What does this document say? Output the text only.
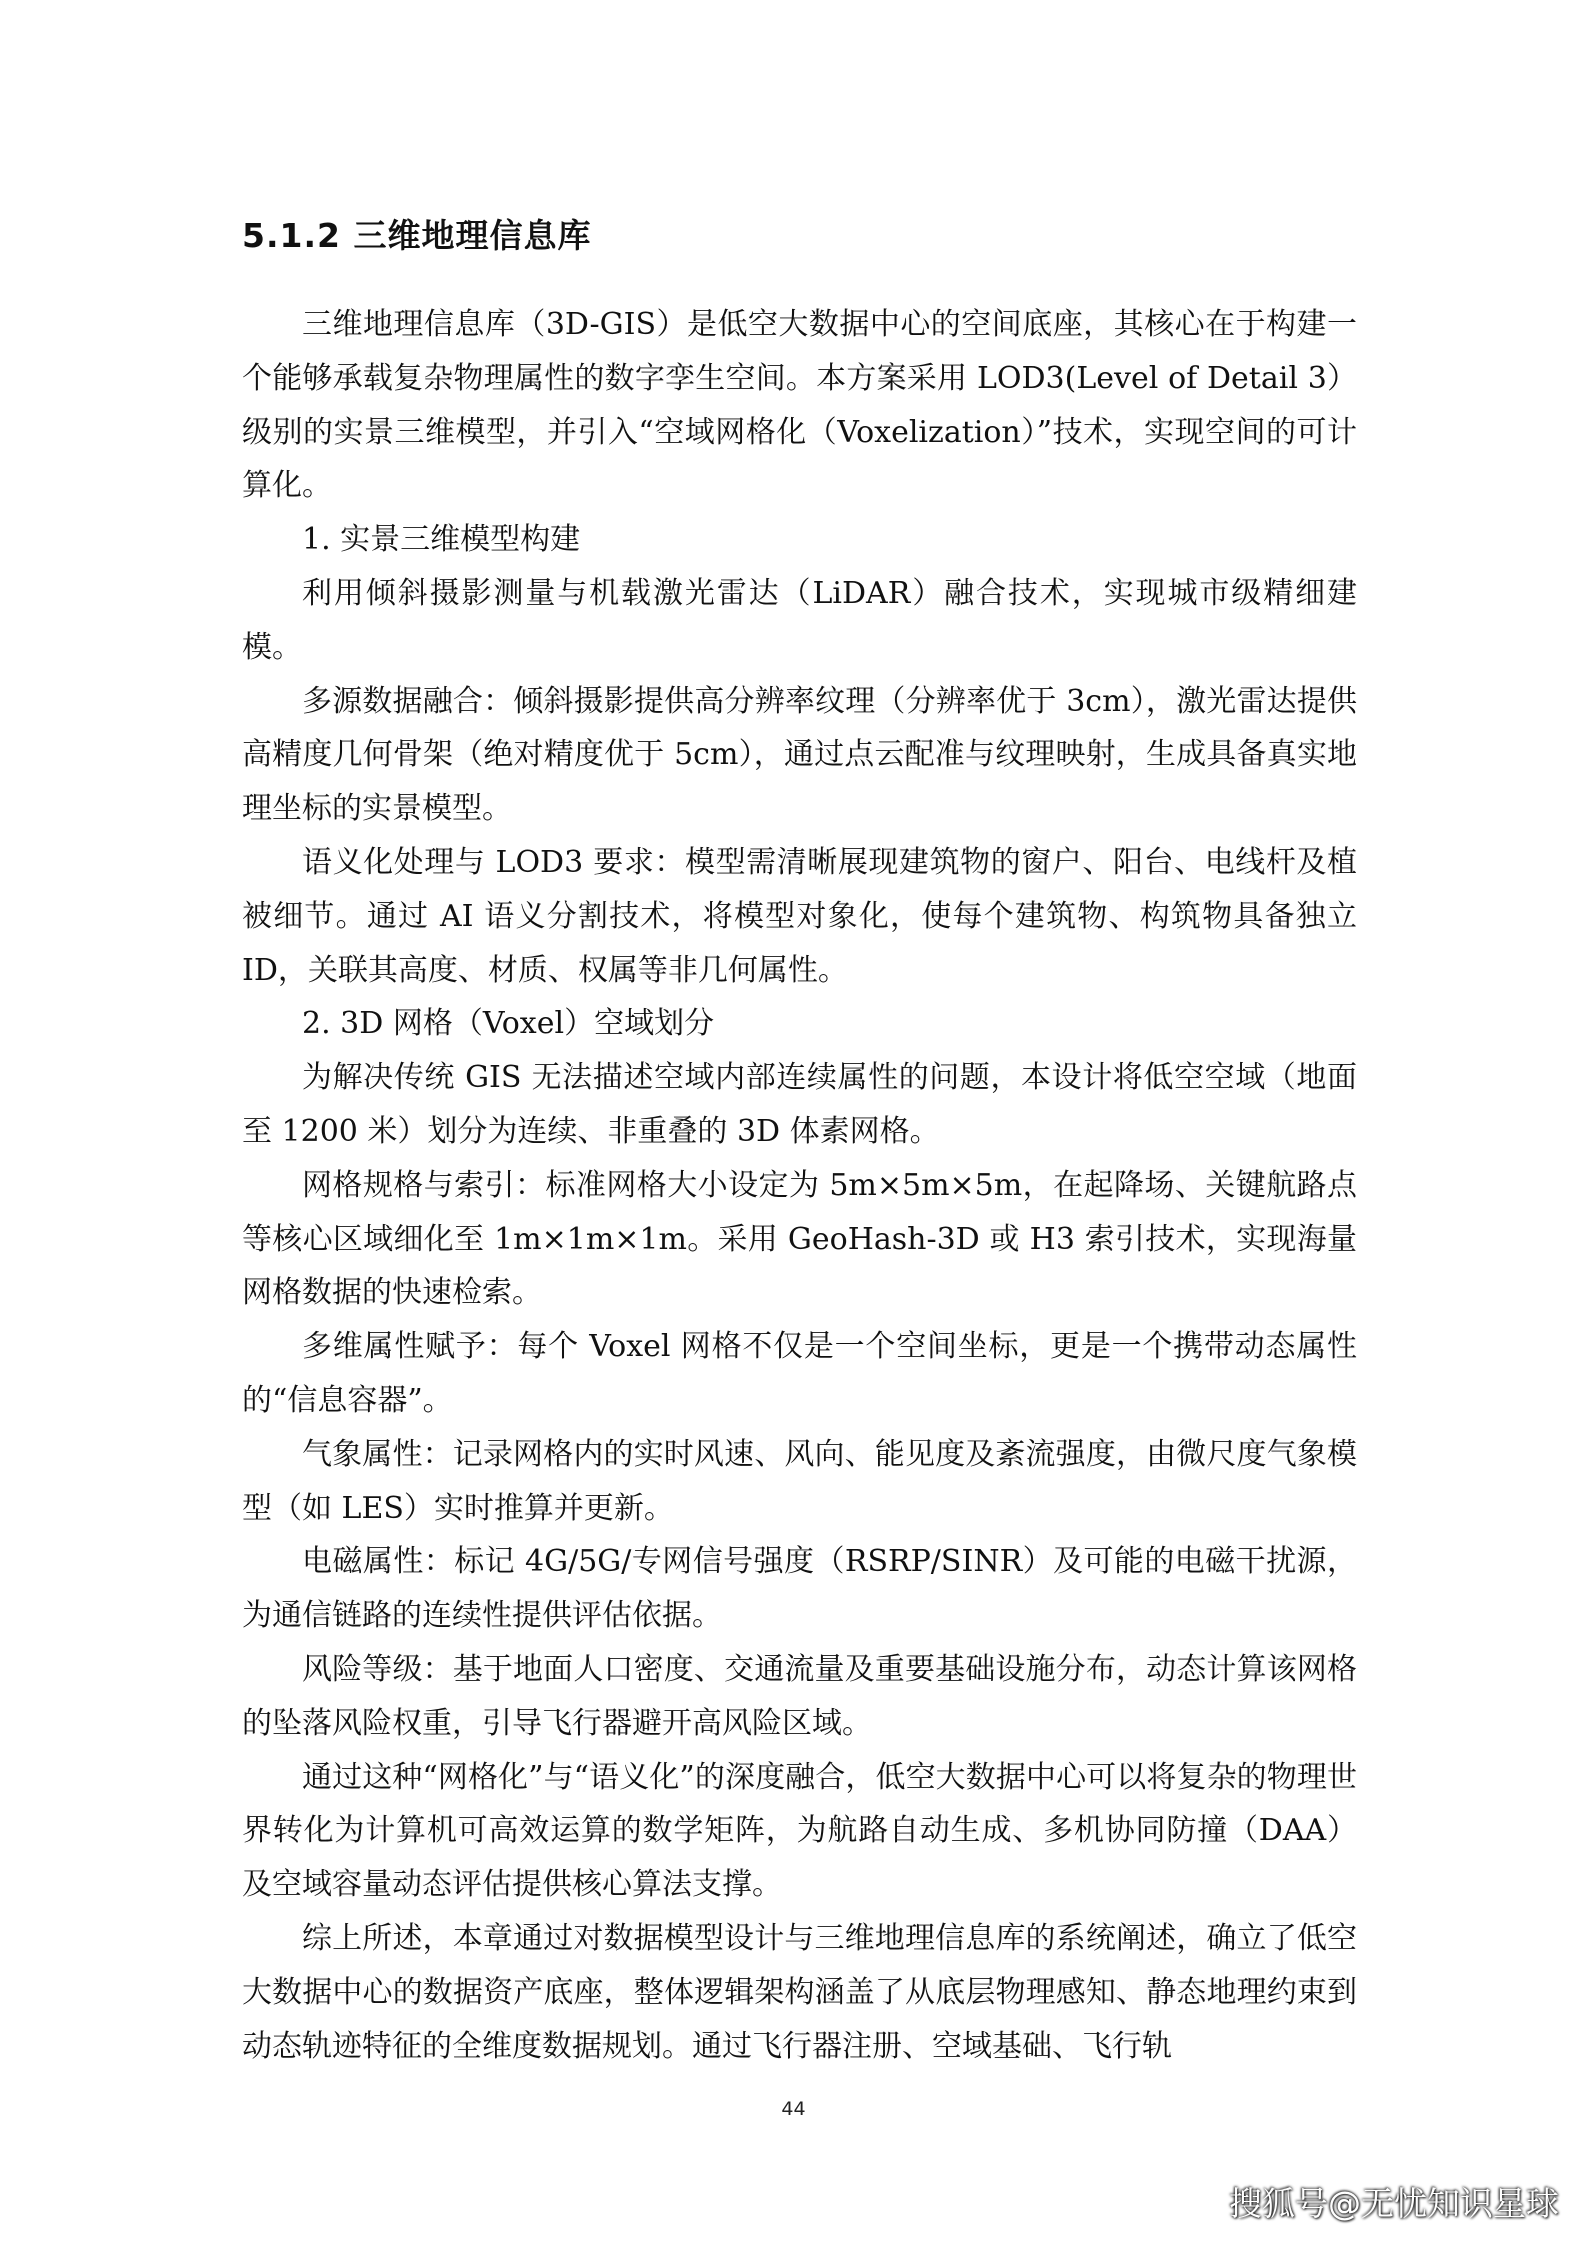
5.1.2 三维地理信息库

三维地理信息库（3D-GIS）是低空大数据中心的空间底座，其核心在于构建一个能够承载复杂物理属性的数字孪生空间。本方案采用 LOD3(Level of Detail 3）级别的实景三维模型，并引入“空域网格化（Voxelization）”技术，实现空间的可计算化。

1. 实景三维模型构建

利用倾斜摄影测量与机载激光雷达（LiDAR）融合技术，实现城市级精细建模。

多源数据融合：倾斜摄影提供高分辨率纹理（分辨率优于 3cm），激光雷达提供高精度几何骨架（绝对精度优于 5cm），通过点云配准与纹理映射，生成具备真实地理坐标的实景模型。

语义化处理与 LOD3 要求：模型需清晰展现建筑物的窗户、阳台、电线杆及植被细节。通过 AI 语义分割技术，将模型对象化，使每个建筑物、构筑物具备独立 ID，关联其高度、材质、权属等非几何属性。

2. 3D 网格（Voxel）空域划分

为解决传统 GIS 无法描述空域内部连续属性的问题，本设计将低空空域（地面至 1200 米）划分为连续、非重叠的 3D 体素网格。

网格规格与索引：标准网格大小设定为 5m×5m×5m，在起降场、关键航路点等核心区域细化至 1m×1m×1m。采用 GeoHash-3D 或 H3 索引技术，实现海量网格数据的快速检索。

多维属性赋予：每个 Voxel 网格不仅是一个空间坐标，更是一个携带动态属性的“信息容器”。

气象属性：记录网格内的实时风速、风向、能见度及紊流强度，由微尺度气象模型（如 LES）实时推算并更新。

电磁属性：标记 4G/5G/专网信号强度（RSRP/SINR）及可能的电磁干扰源，为通信链路的连续性提供评估依据。

风险等级：基于地面人口密度、交通流量及重要基础设施分布，动态计算该网格的坠落风险权重，引导飞行器避开高风险区域。

通过这种“网格化”与“语义化”的深度融合，低空大数据中心可以将复杂的物理世界转化为计算机可高效运算的数学矩阵，为航路自动生成、多机协同防撞（DAA）及空域容量动态评估提供核心算法支撑。

综上所述，本章通过对数据模型设计与三维地理信息库的系统阐述，确立了低空大数据中心的数据资产底座，整体逻辑架构涵盖了从底层物理感知、静态地理约束到动态轨迹特征的全维度数据规划。通过飞行器注册、空域基础、飞行轨

44
搜狐号@无忧知识星球
